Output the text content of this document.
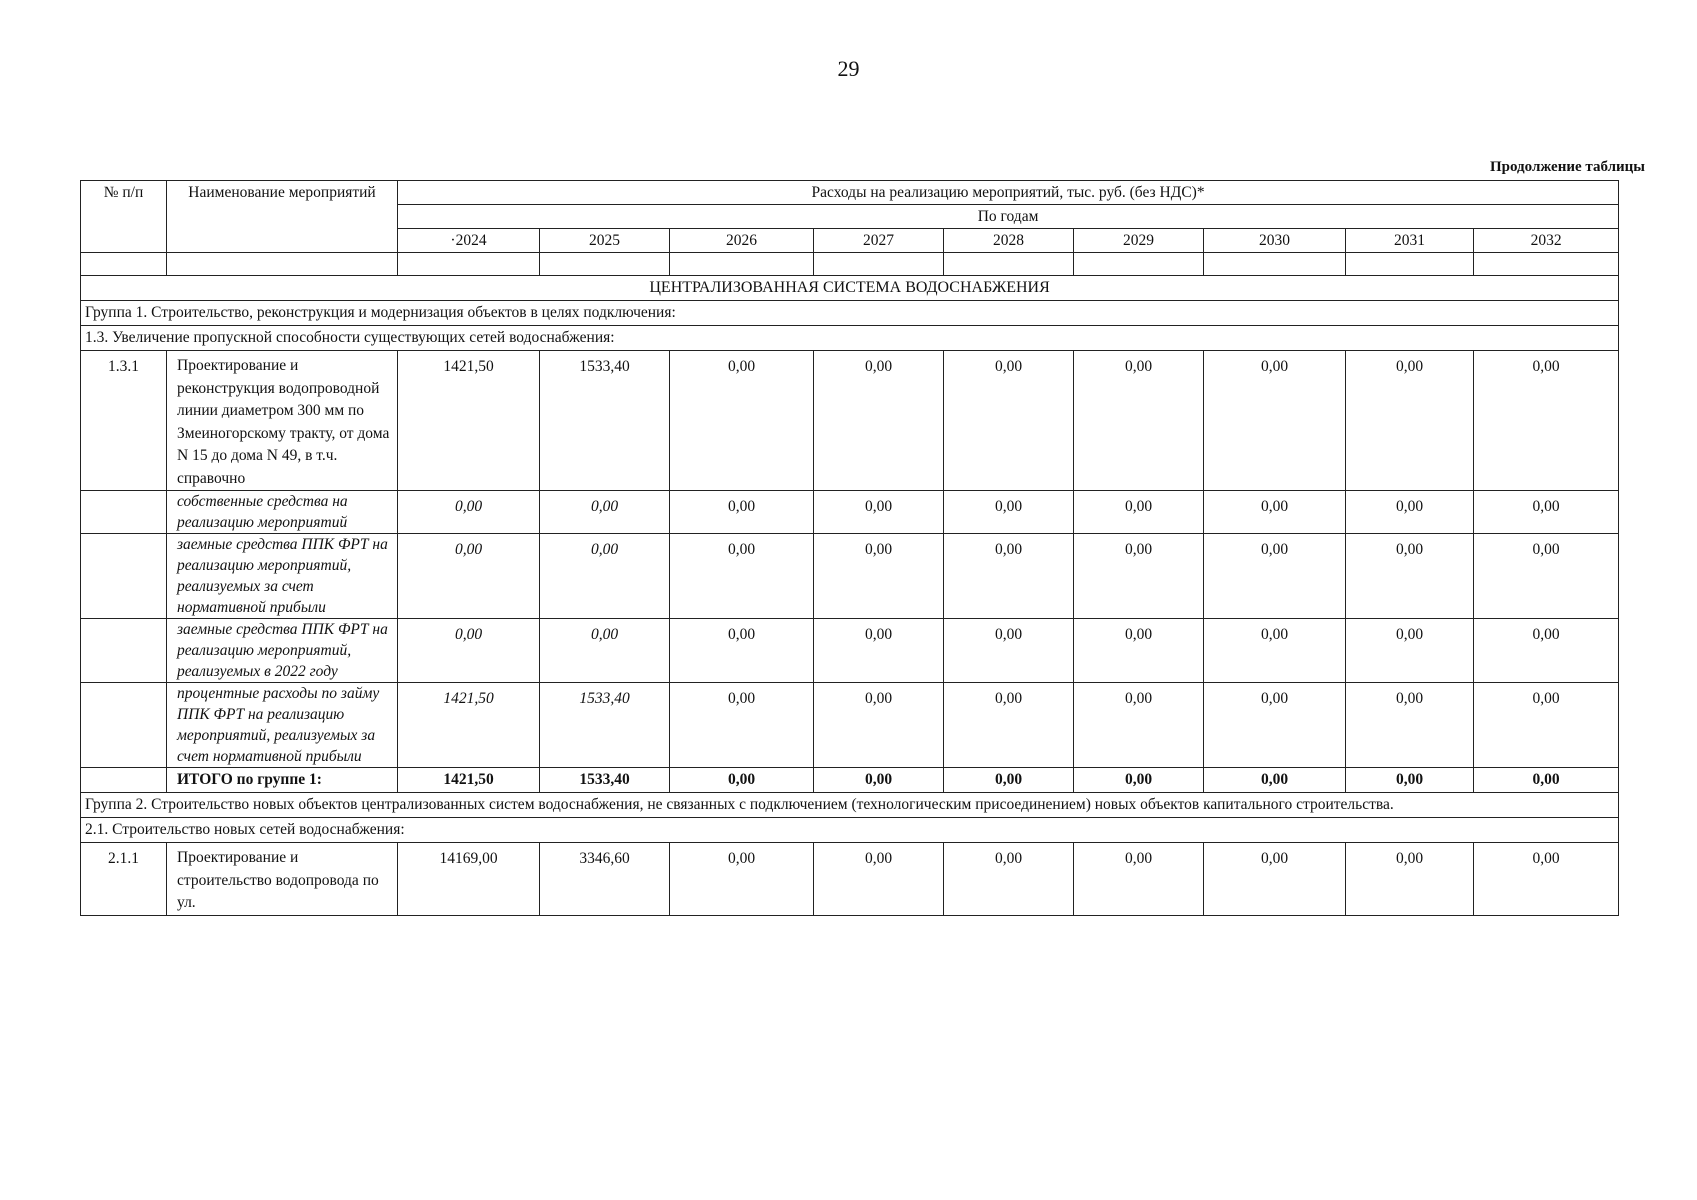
29
Продолжение таблицы
№ п/п	Наименование мероприятий	Расходы на реализацию мероприятий, тыс. руб. (без НДС)*								
		По годам								
		·2024	2025	2026	2027	2028	2029	2030	2031	2032

ЦЕНТРАЛИЗОВАННАЯ СИСТЕМА ВОДОСНАБЖЕНИЯ										
Группа 1. Строительство, реконструкция и модернизация объектов в целях подключения:										
1.3. Увеличение пропускной способности существующих сетей водоснабжения:										
1.3.1	Проектирование и реконструкция водопроводной линии диаметром 300 мм по Змеиногорскому тракту, от дома N 15 до дома N 49, в т.ч. справочно	1421,50	1533,40	0,00	0,00	0,00	0,00	0,00	0,00	0,00
	собственные средства на реализацию мероприятий	0,00	0,00	0,00	0,00	0,00	0,00	0,00	0,00	0,00
	заемные средства ППК ФРТ на реализацию мероприятий, реализуемых за счет нормативной прибыли	0,00	0,00	0,00	0,00	0,00	0,00	0,00	0,00	0,00
	заемные средства ППК ФРТ на реализацию мероприятий, реализуемых в 2022 году	0,00	0,00	0,00	0,00	0,00	0,00	0,00	0,00	0,00
	процентные расходы по займу ППК ФРТ на реализацию мероприятий, реализуемых за счет нормативной прибыли	1421,50	1533,40	0,00	0,00	0,00	0,00	0,00	0,00	0,00
	ИТОГО по группе 1:	1421,50	1533,40	0,00	0,00	0,00	0,00	0,00	0,00	0,00
Группа 2. Строительство новых объектов централизованных систем водоснабжения, не связанных с подключением (технологическим присоединением) новых объектов капитального строительства.										
2.1. Строительство новых сетей водоснабжения:										
2.1.1	Проектирование и строительство водопровода по ул.	14169,00	3346,60	0,00	0,00	0,00	0,00	0,00	0,00	0,00
